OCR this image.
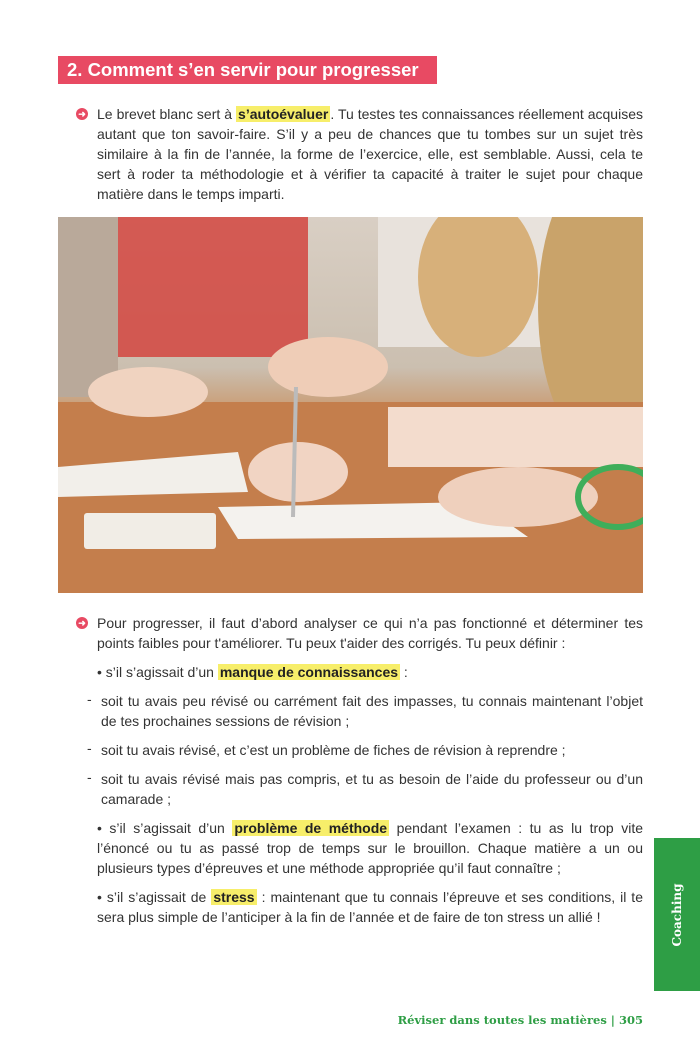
2. Comment s’en servir pour progresser
➜ Le brevet blanc sert à s’autoévaluer . Tu testes tes connaissances réellement acquises autant que ton savoir-faire. S’il y a peu de chances que tu tombes sur un sujet très similaire à la fin de l’année, la forme de l’exercice, elle, est semblable. Aussi, cela te sert à roder ta méthodologie et à vérifier ta capacité à traiter le sujet pour chaque matière dans le temps imparti.
➜ Pour progresser, il faut d’abord analyser ce qui n’a pas fonctionné et déterminer tes points faibles pour t'améliorer. Tu peux t'aider des corrigés. Tu peux définir :
• s’il s’agissait d’un manque de connaissances :
- soit tu avais peu révisé ou carrément fait des impasses, tu connais maintenant l’objet de tes prochaines sessions de révision ;
- soit tu avais révisé, et c’est un problème de fiches de révision à reprendre ;
- soit tu avais révisé mais pas compris, et tu as besoin de l’aide du professeur ou d’un camarade ;
• s’il s’agissait d’un problème de méthode pendant l’examen : tu as lu trop vite l’énoncé ou tu as passé trop de temps sur le brouillon. Chaque matière a un ou plusieurs types d’épreuves et une méthode appropriée qu’il faut connaître ;
• s’il s’agissait de stress : maintenant que tu connais l’épreuve et ses conditions, il te sera plus simple de l’anticiper à la fin de l’année et de faire de ton stress un allié !	Coaching
Réviser dans toutes les matières | 305
